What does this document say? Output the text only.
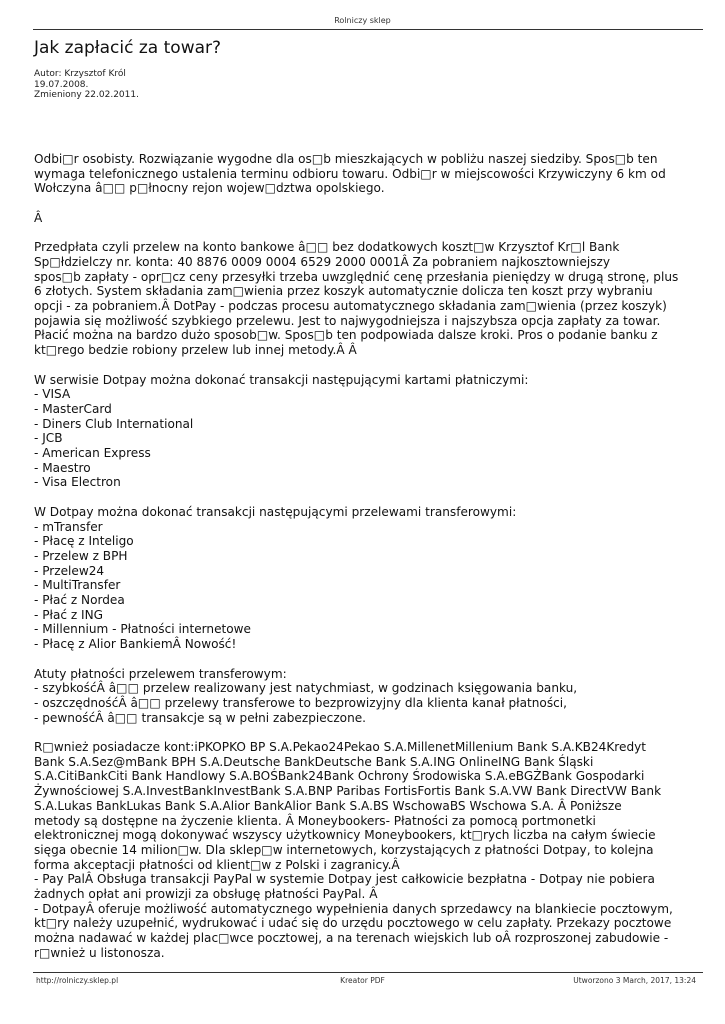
Rolniczy sklep
Jak zapłacić za towar?
Autor: Krzysztof Król
19.07.2008.
Zmieniony 22.02.2011.

Odbi□r osobisty. Rozwiązanie wygodne dla os□b mieszkających w pobliżu naszej siedziby. Spos□b ten
wymaga telefonicznego ustalenia terminu odbioru towaru. Odbi□r w miejscowości Krzywiczyny 6 km od
Wołczyna â□□ p□łnocny rejon wojew□dztwa opolskiego.

Â

Przedpłata czyli przelew na konto bankowe â□□ bez dodatkowych koszt□w Krzysztof Kr□l Bank
Sp□łdzielczy nr. konta: 40 8876 0009 0004 6529 2000 0001Â Za pobraniem najkosztowniejszy
spos□b zapłaty - opr□cz ceny przesyłki trzeba uwzględnić cenę przesłania pieniędzy w drugą stronę, plus
6 złotych. System składania zam□wienia przez koszyk automatycznie dolicza ten koszt przy wybraniu
opcji - za pobraniem.Â DotPay - podczas procesu automatycznego składania zam□wienia (przez koszyk)
pojawia się możliwość szybkiego przelewu. Jest to najwygodniejsza i najszybsza opcja zapłaty za towar.
Płacić można na bardzo dużo sposob□w. Spos□b ten podpowiada dalsze kroki. Pros o podanie banku z
kt□rego bedzie robiony przelew lub innej metody.Â Â

W serwisie Dotpay można dokonać transakcji następującymi kartami płatniczymi:
- VISA
- MasterCard
- Diners Club International
- JCB
- American Express
- Maestro
- Visa Electron

W Dotpay można dokonać transakcji następującymi przelewami transferowymi:
- mTransfer
- Płacę z Inteligo
- Przelew z BPH
- Przelew24
- MultiTransfer
- Płać z Nordea
- Płać z ING
- Millennium - Płatności internetowe
- Płacę z Alior BankiemÂ Nowość!

Atuty płatności przelewem transferowym:
- szybkośćÂ â□□ przelew realizowany jest natychmiast, w godzinach księgowania banku,
- oszczędnośćÂ â□□ przelewy transferowe to bezprowizyjny dla klienta kanał płatności,
- pewnośćÂ â□□ transakcje są w pełni zabezpieczone.

R□wnież posiadacze kont:iPKOPKO BP S.A.Pekao24Pekao S.A.MillenetMillenium Bank S.A.KB24Kredyt
Bank S.A.Sez@mBank BPH S.A.Deutsche BankDeutsche Bank S.A.ING OnlineING Bank Śląski
S.A.CitiBankCiti Bank Handlowy S.A.BOŚBank24Bank Ochrony Środowiska S.A.eBGŻBank Gospodarki
Żywnościowej S.A.InvestBankInvestBank S.A.BNP Paribas FortisFortis Bank S.A.VW Bank DirectVW Bank
S.A.Lukas BankLukas Bank S.A.Alior BankAlior Bank S.A.BS WschowaBS Wschowa S.A. Â Poniższe
metody są dostępne na życzenie klienta. Â Moneybookers- Płatności za pomocą portmonetki
elektronicznej mogą dokonywać wszyscy użytkownicy Moneybookers, kt□rych liczba na całym świecie
sięga obecnie 14 milion□w. Dla sklep□w internetowych, korzystających z płatności Dotpay, to kolejna
forma akceptacji płatności od klient□w z Polski i zagranicy.Â
- Pay PalÂ Obsługa transakcji PayPal w systemie Dotpay jest całkowicie bezpłatna - Dotpay nie pobiera
żadnych opłat ani prowizji za obsługę płatności PayPal. Â
- DotpayÂ oferuje możliwość automatycznego wypełnienia danych sprzedawcy na blankiecie pocztowym,
kt□ry należy uzupełnić, wydrukować i udać się do urzędu pocztowego w celu zapłaty. Przekazy pocztowe
można nadawać w każdej plac□wce pocztowej, a na terenach wiejskich lub oÂ rozproszonej zabudowie -
r□wnież u listonosza.

http://rolniczy.sklep.pl	Kreator PDF	Utworzono 3 March, 2017, 13:24
